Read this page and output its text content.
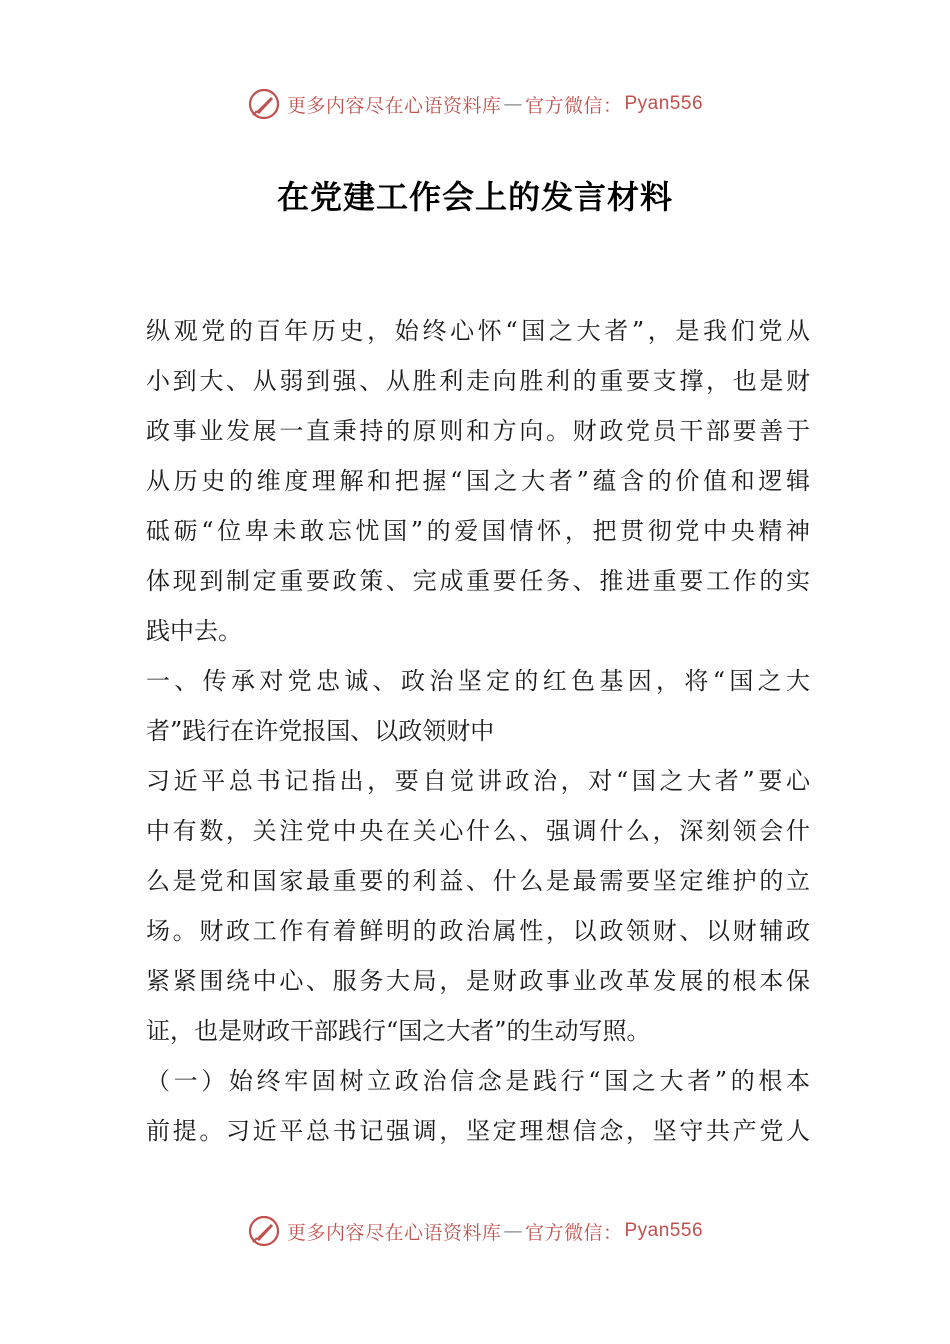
更多内容尽在心语资料库 — 官方微信： Pyan556
在党建工作会上的发言材料
纵观党的百年历史，始终心怀“国之大者”，是我们党从
小到大、从弱到强、从胜利走向胜利的重要支撑，也是财
政事业发展一直秉持的原则和方向。财政党员干部要善于
从历史的维度理解和把握“国之大者”蕴含的价值和逻辑
砥砺“位卑未敢忘忧国”的爱国情怀，把贯彻党中央精神
体现到制定重要政策、完成重要任务、推进重要工作的实
践中去。
一、传承对党忠诚、政治坚定的红色基因，将“国之大
者”践行在许党报国、以政领财中
习近平总书记指出，要自觉讲政治，对“国之大者”要心
中有数，关注党中央在关心什么、强调什么，深刻领会什
么是党和国家最重要的利益、什么是最需要坚定维护的立
场。财政工作有着鲜明的政治属性，以政领财、以财辅政
紧紧围绕中心、服务大局，是财政事业改革发展的根本保
证，也是财政干部践行“国之大者”的生动写照。
（一）始终牢固树立政治信念是践行“国之大者”的根本
前提。习近平总书记强调，坚定理想信念，坚守共产党人
更多内容尽在心语资料库 — 官方微信： Pyan556
